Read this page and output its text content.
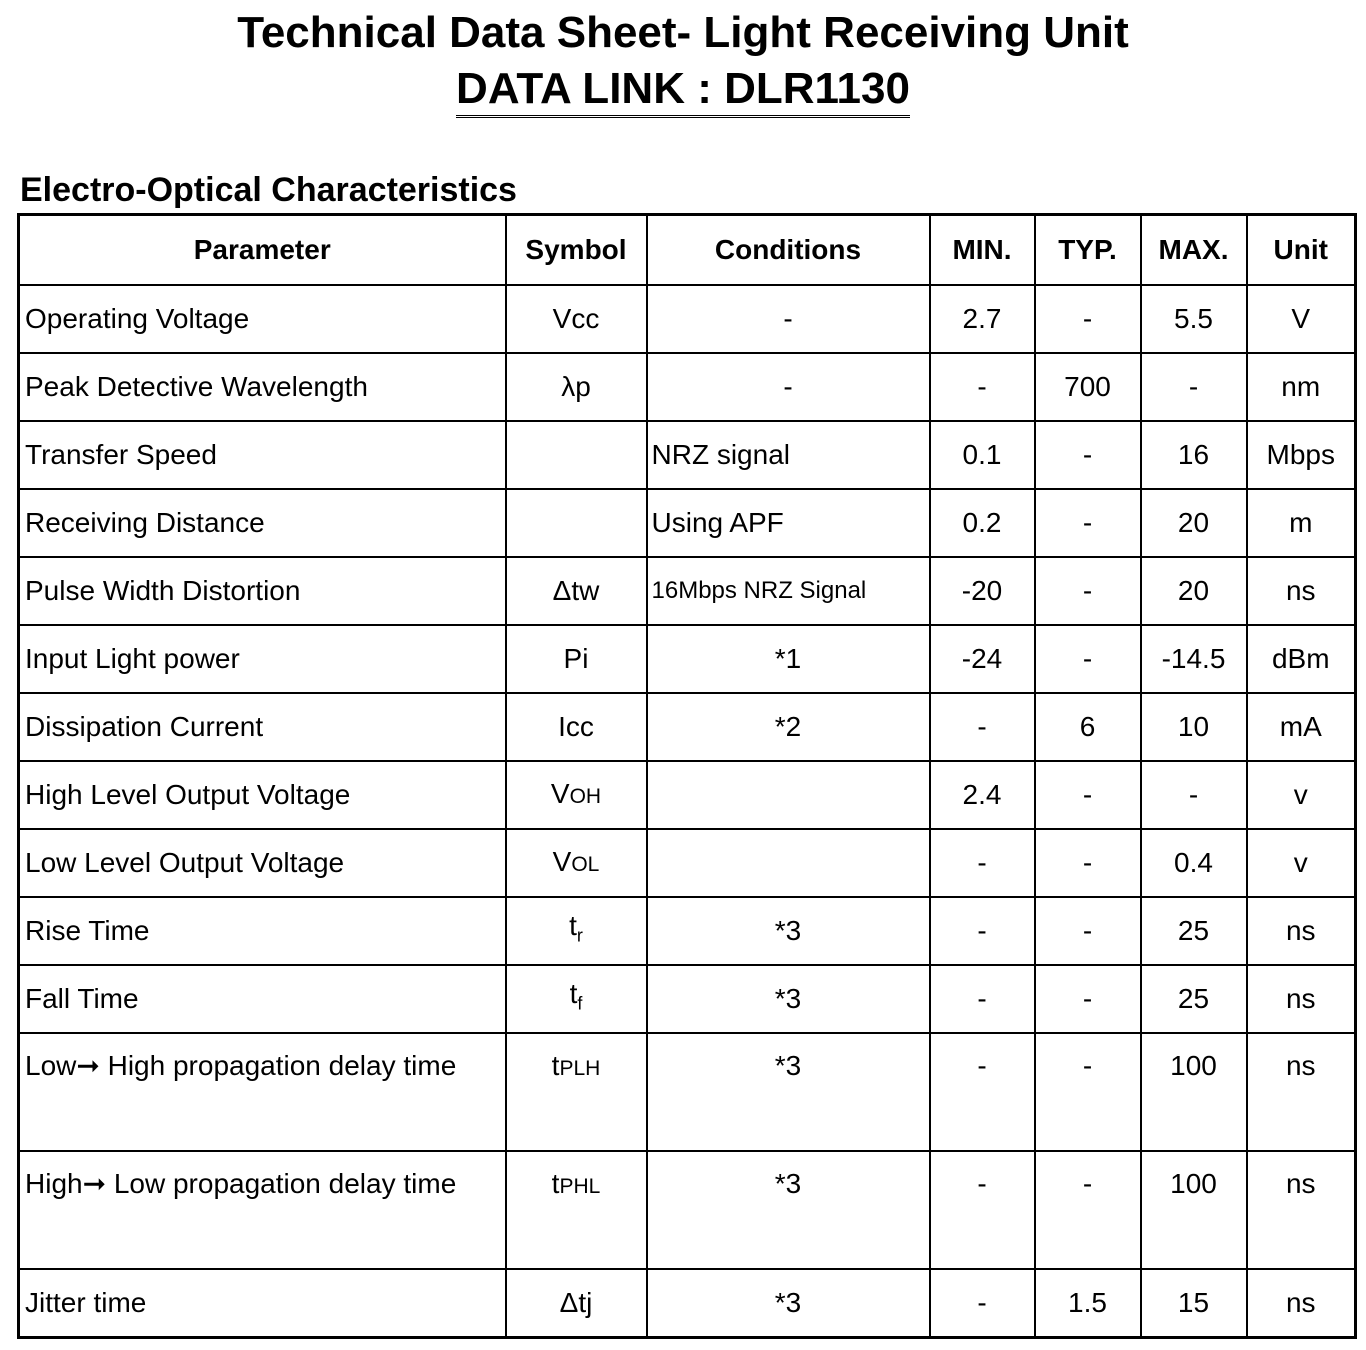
Technical Data Sheet- Light Receiving Unit
DATA LINK : DLR1130
Electro-Optical Characteristics
Parameter	Symbol	Conditions	MIN.	TYP.	MAX.	Unit
Operating Voltage	Vcc	-	2.7	-	5.5	V
Peak Detective Wavelength	λp	-	-	700	-	nm
Transfer Speed		NRZ signal	0.1	-	16	Mbps
Receiving Distance		Using APF	0.2	-	20	m
Pulse Width Distortion	Δtw	16Mbps NRZ Signal	-20	-	20	ns
Input Light power	Pi	*1	-24	-	-14.5	dBm
Dissipation Current	Icc	*2	-	6	10	mA
High Level Output Voltage	VOH		2.4	-	-	v
Low Level Output Voltage	VOL		-	-	0.4	v
Rise Time	$t_r$	*3	-	-	25	ns
Fall Time	$t_f$	*3	-	-	25	ns
Low➞ High propagation delay time	tPLH	*3	-	-	100	ns
High➞ Low propagation delay time	tPHL	*3	-	-	100	ns
Jitter time	Δtj	*3	-	1.5	15	ns
